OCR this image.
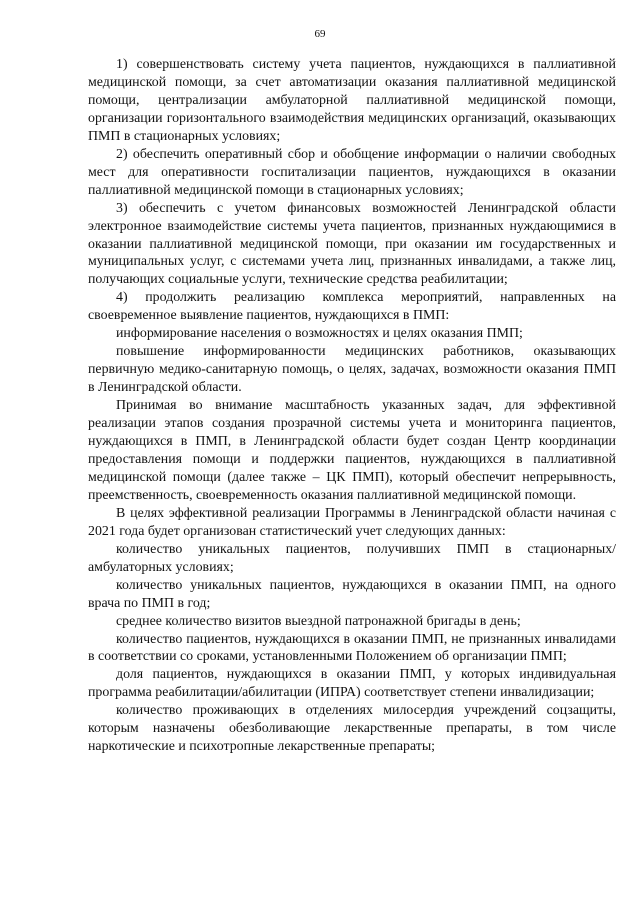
69

1) совершенствовать систему учета пациентов, нуждающихся в паллиативной медицинской помощи, за счет автоматизации оказания паллиативной медицинской помощи, централизации амбулаторной паллиативной медицинской помощи, организации горизонтального взаимодействия медицинских организаций, оказывающих ПМП в стационарных условиях;

2) обеспечить оперативный сбор и обобщение информации о наличии свободных мест для оперативности госпитализации пациентов, нуждающихся в оказании паллиативной медицинской помощи в стационарных условиях;

3) обеспечить с учетом финансовых возможностей Ленинградской области электронное взаимодействие системы учета пациентов, признанных нуждающимися в оказании паллиативной медицинской помощи, при оказании им государственных и муниципальных услуг, с системами учета лиц, признанных инвалидами, а также лиц, получающих социальные услуги, технические средства реабилитации;

4) продолжить реализацию комплекса мероприятий, направленных на своевременное выявление пациентов, нуждающихся в ПМП:

информирование населения о возможностях и целях оказания ПМП;

повышение информированности медицинских работников, оказывающих первичную медико-санитарную помощь, о целях, задачах, возможности оказания ПМП в Ленинградской области.

Принимая во внимание масштабность указанных задач, для эффективной реализации этапов создания прозрачной системы учета и мониторинга пациентов, нуждающихся в ПМП, в Ленинградской области будет создан Центр координации предоставления помощи и поддержки пациентов, нуждающихся в паллиативной медицинской помощи (далее также – ЦК ПМП), который обеспечит непрерывность, преемственность, своевременность оказания паллиативной медицинской помощи.

В целях эффективной реализации Программы в Ленинградской области начиная с 2021 года будет организован статистический учет следующих данных:

количество уникальных пациентов, получивших ПМП в стационарных/ амбулаторных условиях;

количество уникальных пациентов, нуждающихся в оказании ПМП, на одного врача по ПМП в год;

среднее количество визитов выездной патронажной бригады в день;

количество пациентов, нуждающихся в оказании ПМП, не признанных инвалидами в соответствии со сроками, установленными Положением об организации ПМП;

доля пациентов, нуждающихся в оказании ПМП, у которых индивидуальная программа реабилитации/абилитации (ИПРА) соответствует степени инвалидизации;

количество проживающих в отделениях милосердия учреждений соцзащиты, которым назначены обезболивающие лекарственные препараты, в том числе наркотические и психотропные лекарственные препараты;
